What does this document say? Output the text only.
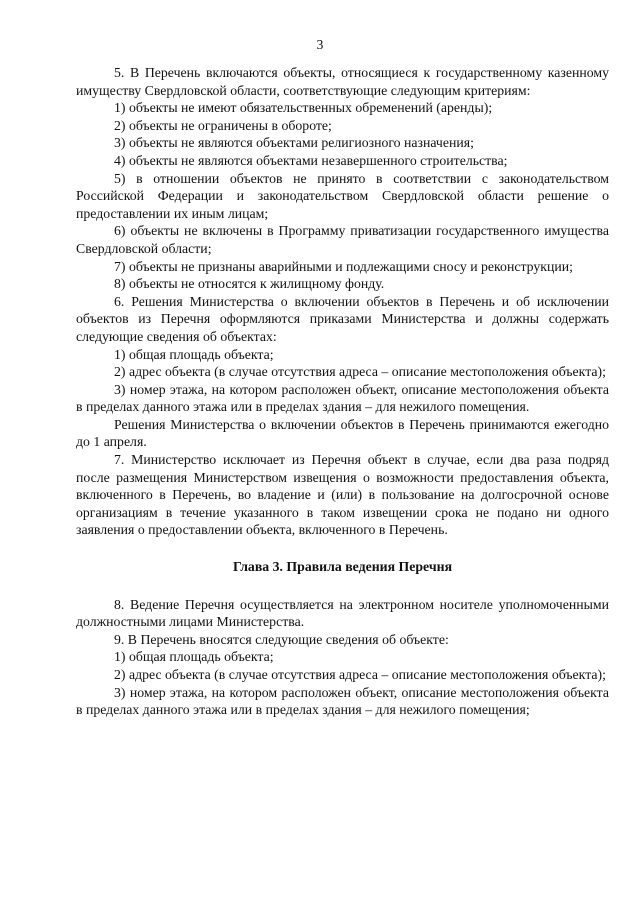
3

5. В Перечень включаются объекты, относящиеся к государственному казенному имуществу Свердловской области, соответствующие следующим критериям:

1) объекты не имеют обязательственных обременений (аренды);

2) объекты не ограничены в обороте;

3) объекты не являются объектами религиозного назначения;

4) объекты не являются объектами незавершенного строительства;

5) в отношении объектов не принято в соответствии с законодательством Российской Федерации и законодательством Свердловской области решение о предоставлении их иным лицам;

6) объекты не включены в Программу приватизации государственного имущества Свердловской области;

7) объекты не признаны аварийными и подлежащими сносу и реконструкции;

8) объекты не относятся к жилищному фонду.

6. Решения Министерства о включении объектов в Перечень и об исключении объектов из Перечня оформляются приказами Министерства и должны содержать следующие сведения об объектах:

1) общая площадь объекта;

2) адрес объекта (в случае отсутствия адреса – описание местоположения объекта);

3) номер этажа, на котором расположен объект, описание местоположения объекта в пределах данного этажа или в пределах здания – для нежилого помещения.

Решения Министерства о включении объектов в Перечень принимаются ежегодно до 1 апреля.

7. Министерство исключает из Перечня объект в случае, если два раза подряд после размещения Министерством извещения о возможности предоставления объекта, включенного в Перечень, во владение и (или) в пользование на долгосрочной основе организациям в течение указанного в таком извещении срока не подано ни одного заявления о предоставлении объекта, включенного в Перечень.

Глава 3. Правила ведения Перечня

8. Ведение Перечня осуществляется на электронном носителе уполномоченными должностными лицами Министерства.

9. В Перечень вносятся следующие сведения об объекте:

1) общая площадь объекта;

2) адрес объекта (в случае отсутствия адреса – описание местоположения объекта);

3) номер этажа, на котором расположен объект, описание местоположения объекта в пределах данного этажа или в пределах здания – для нежилого помещения;
